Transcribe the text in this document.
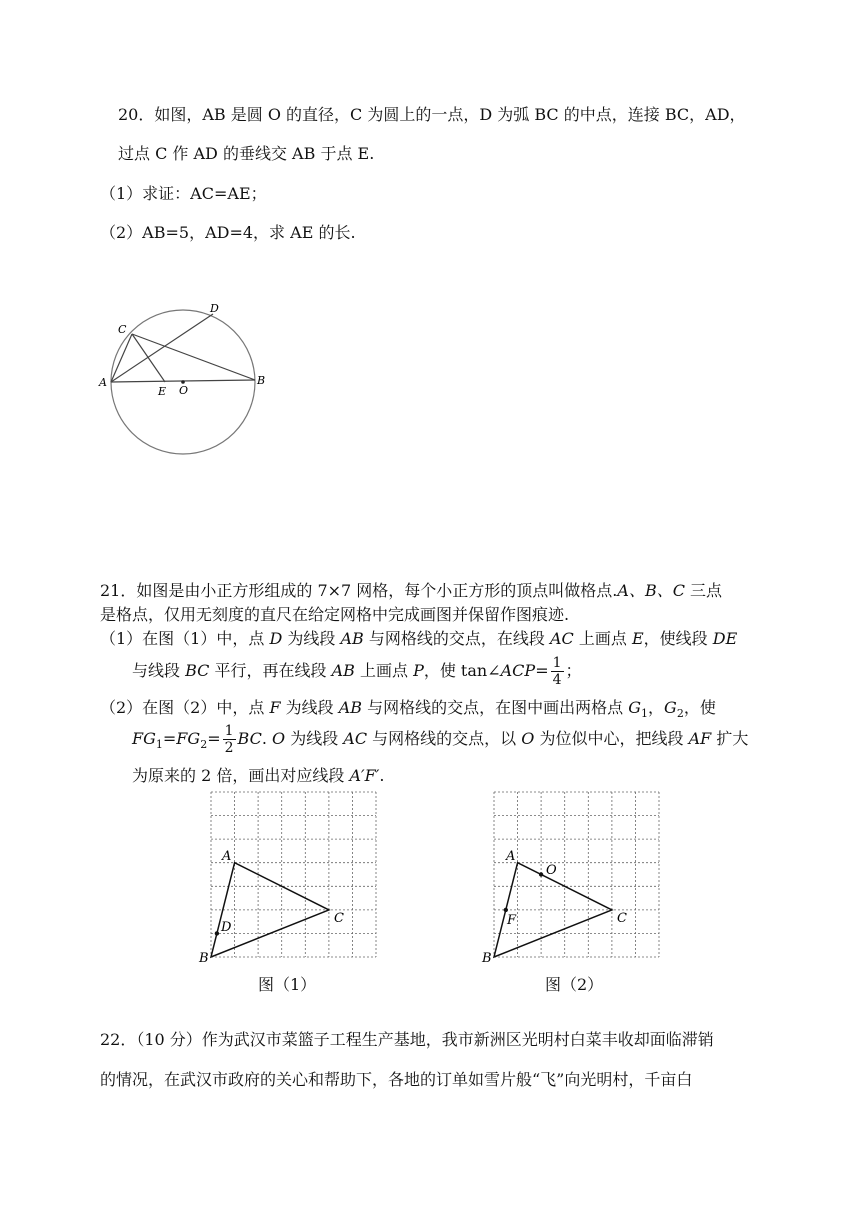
20．如图，AB 是圆 O 的直径，C 为圆上的一点，D 为弧 BC 的中点，连接 BC，AD，
过点 C 作 AD 的垂线交 AB 于点 E.
（1）求证：AC=AE；
（2）AB=5，AD=4，求 AE 的长.
A	B
C
D
E O
21．如图是由小正方形组成的 7×7 网格，每个小正方形的顶点叫做格点.A、B、C 三点
是格点，仅用无刻度的直尺在给定网格中完成画图并保留作图痕迹.
（1）在图（1）中，点 D 为线段 AB 与网格线的交点，在线段 AC 上画点 E，使线段 DE
与线段 BC 平行，再在线段 AB 上画点 P，使 tan∠ACP= $\frac{1}{4}$ ；
（2）在图（2）中，点 F 为线段 AB 与网格线的交点，在图中画出两格点 $G_1$，$G_2$，使
$FG_1=FG_2= \frac{1}{2}$ BC. O 为线段 AC 与网格线的交点，以 O 为位似中心，把线段 AF 扩大
为原来的 2 倍，画出对应线段 A′F′.
A
B
C
D
图（1）
A
B
C
F
O
图（2）
22．（10 分）作为武汉市菜篮子工程生产基地，我市新洲区光明村白菜丰收却面临滞销
的情况，在武汉市政府的关心和帮助下，各地的订单如雪片般“飞”向光明村，千亩白
